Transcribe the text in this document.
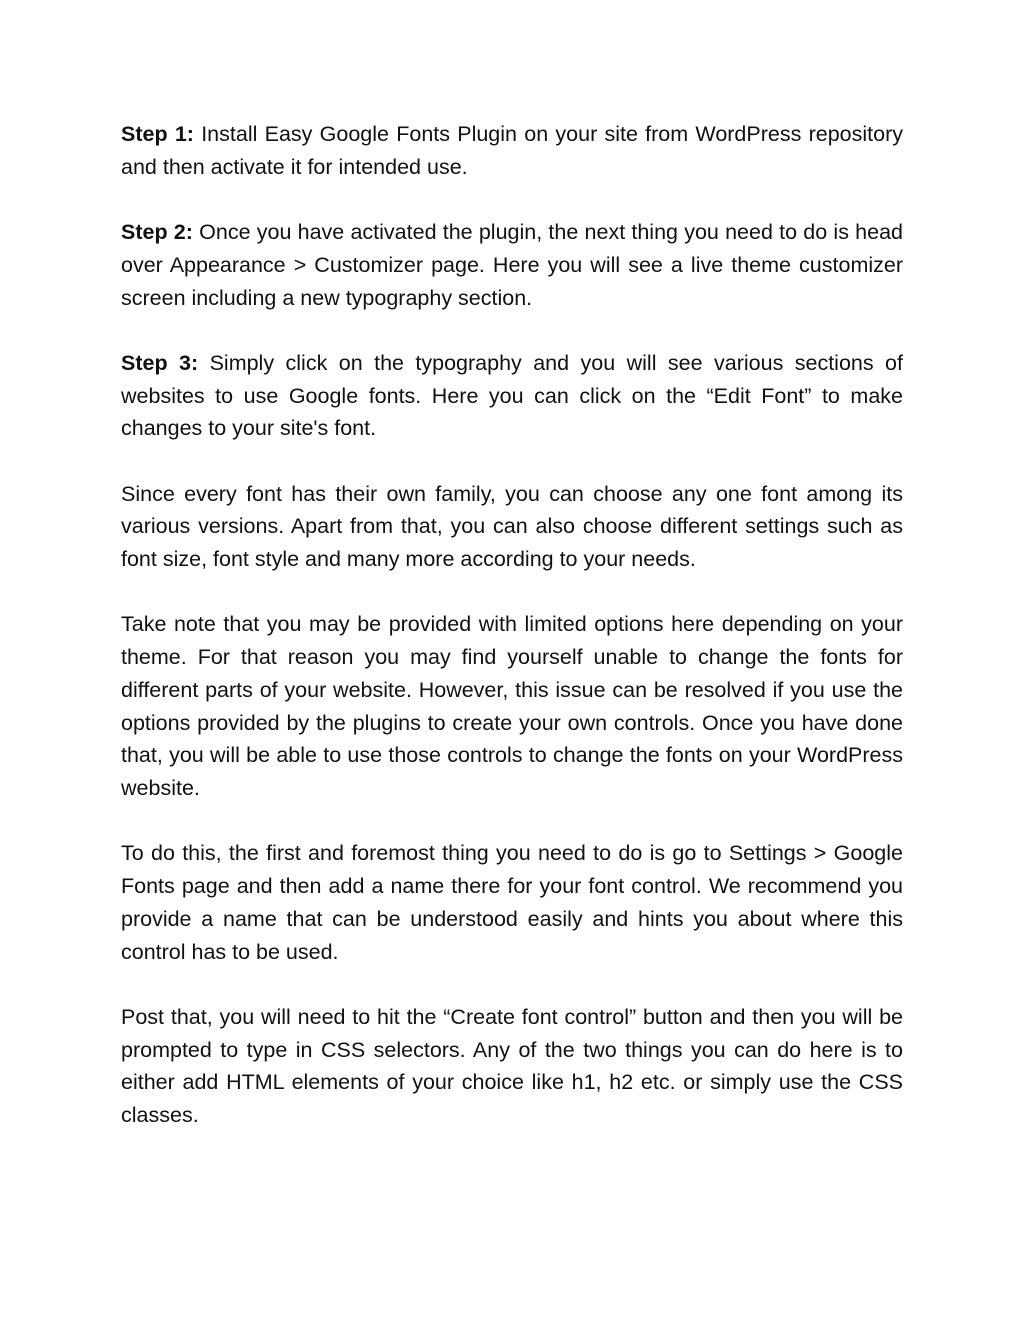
Step 1: Install Easy Google Fonts Plugin on your site from WordPress repository and then activate it for intended use.

Step 2: Once you have activated the plugin, the next thing you need to do is head over Appearance > Customizer page. Here you will see a live theme customizer screen including a new typography section.

Step 3: Simply click on the typography and you will see various sections of websites to use Google fonts. Here you can click on the “Edit Font” to make changes to your site's font.

Since every font has their own family, you can choose any one font among its various versions. Apart from that, you can also choose different settings such as font size, font style and many more according to your needs.

Take note that you may be provided with limited options here depending on your theme. For that reason you may find yourself unable to change the fonts for different parts of your website. However, this issue can be resolved if you use the options provided by the plugins to create your own controls. Once you have done that, you will be able to use those controls to change the fonts on your WordPress website.

To do this, the first and foremost thing you need to do is go to Settings > Google Fonts page and then add a name there for your font control. We recommend you provide a name that can be understood easily and hints you about where this control has to be used.

Post that, you will need to hit the “Create font control” button and then you will be prompted to type in CSS selectors. Any of the two things you can do here is to either add HTML elements of your choice like h1, h2 etc. or simply use the CSS classes.
